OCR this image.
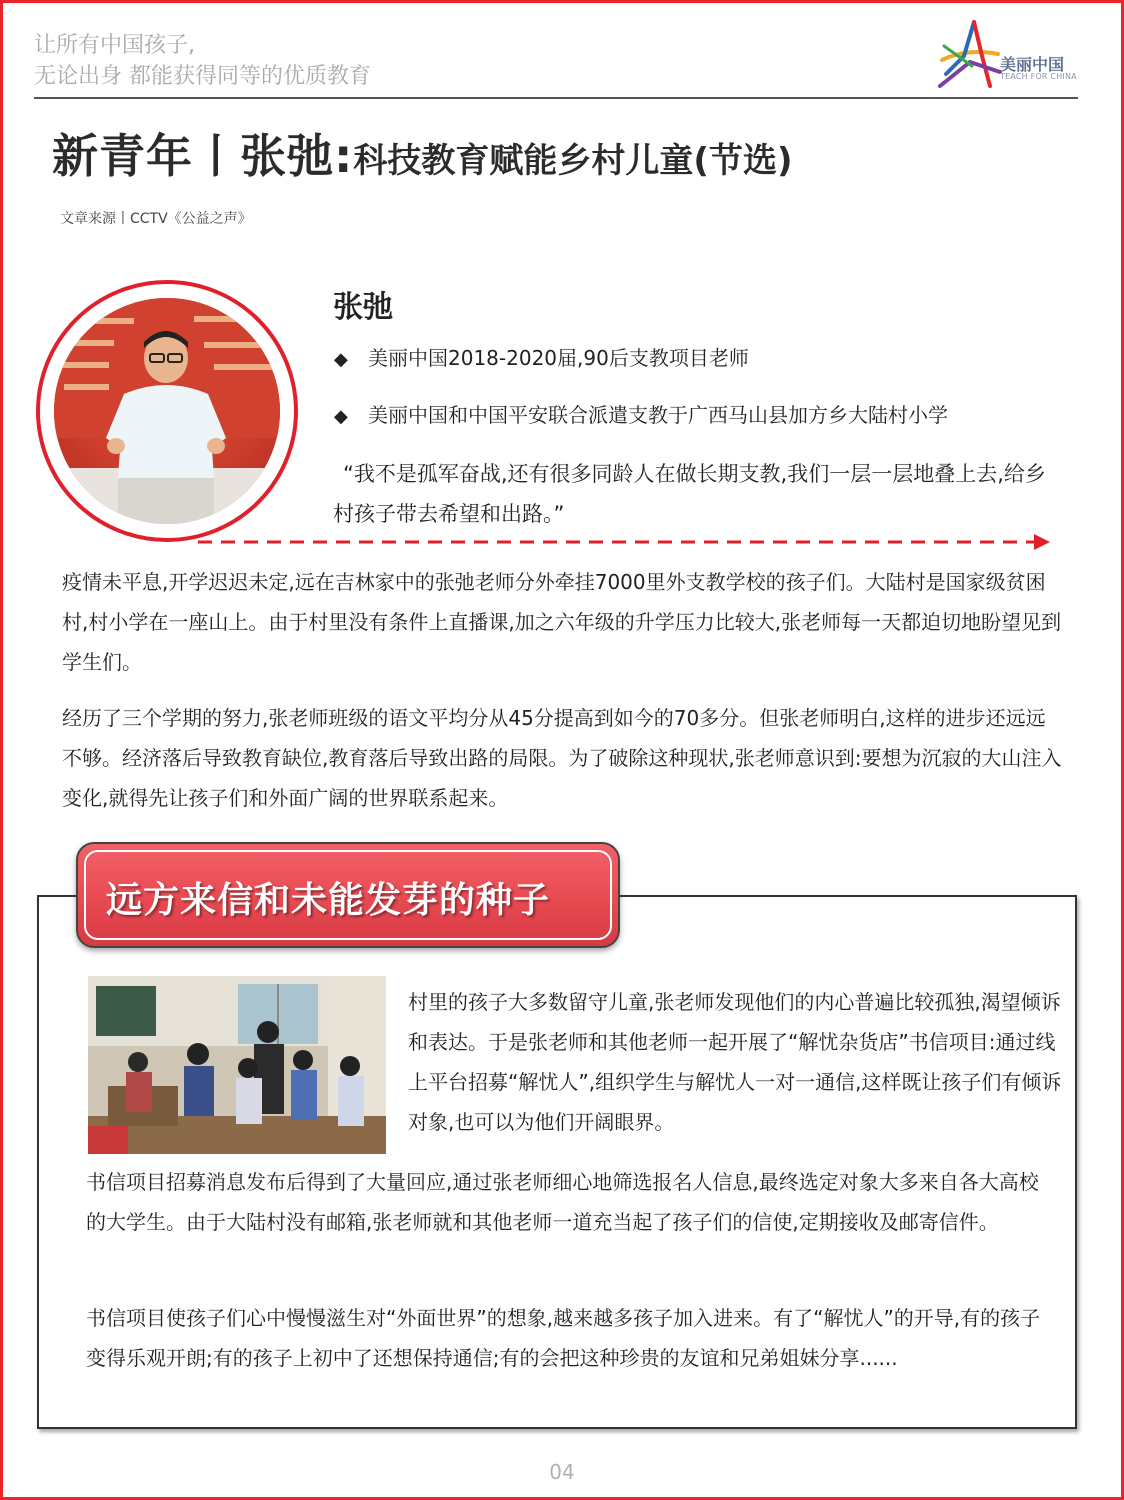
让所有中国孩子,
无论出身 都能获得同等的优质教育	美丽中国
TEACH FOR CHINA
新青年丨张弛:科技教育赋能乡村儿童(节选)
文章来源丨CCTV《公益之声》
张弛
◆ 美丽中国2018-2020届,90后支教项目老师
◆ 美丽中国和中国平安联合派遣支教于广西马山县加方乡大陆村小学
“我不是孤军奋战,还有很多同龄人在做长期支教,我们一层一层地叠上去,给乡村孩子带去希望和出路。”
疫情未平息,开学迟迟未定,远在吉林家中的张弛老师分外牵挂7000里外支教学校的孩子们。大陆村是国家级贫困村,村小学在一座山上。由于村里没有条件上直播课,加之六年级的升学压力比较大,张老师每一天都迫切地盼望见到学生们。
经历了三个学期的努力,张老师班级的语文平均分从45分提高到如今的70多分。但张老师明白,这样的进步还远远不够。经济落后导致教育缺位,教育落后导致出路的局限。为了破除这种现状,张老师意识到:要想为沉寂的大山注入变化,就得先让孩子们和外面广阔的世界联系起来。
远方来信和未能发芽的种子
村里的孩子大多数留守儿童,张老师发现他们的内心普遍比较孤独,渴望倾诉和表达。于是张老师和其他老师一起开展了“解忧杂货店”书信项目:通过线上平台招募“解忧人”,组织学生与解忧人一对一通信,这样既让孩子们有倾诉对象,也可以为他们开阔眼界。
书信项目招募消息发布后得到了大量回应,通过张老师细心地筛选报名人信息,最终选定对象大多来自各大高校的大学生。由于大陆村没有邮箱,张老师就和其他老师一道充当起了孩子们的信使,定期接收及邮寄信件。
书信项目使孩子们心中慢慢滋生对“外面世界”的想象,越来越多孩子加入进来。有了“解忧人”的开导,有的孩子变得乐观开朗;有的孩子上初中了还想保持通信;有的会把这种珍贵的友谊和兄弟姐妹分享......
04
